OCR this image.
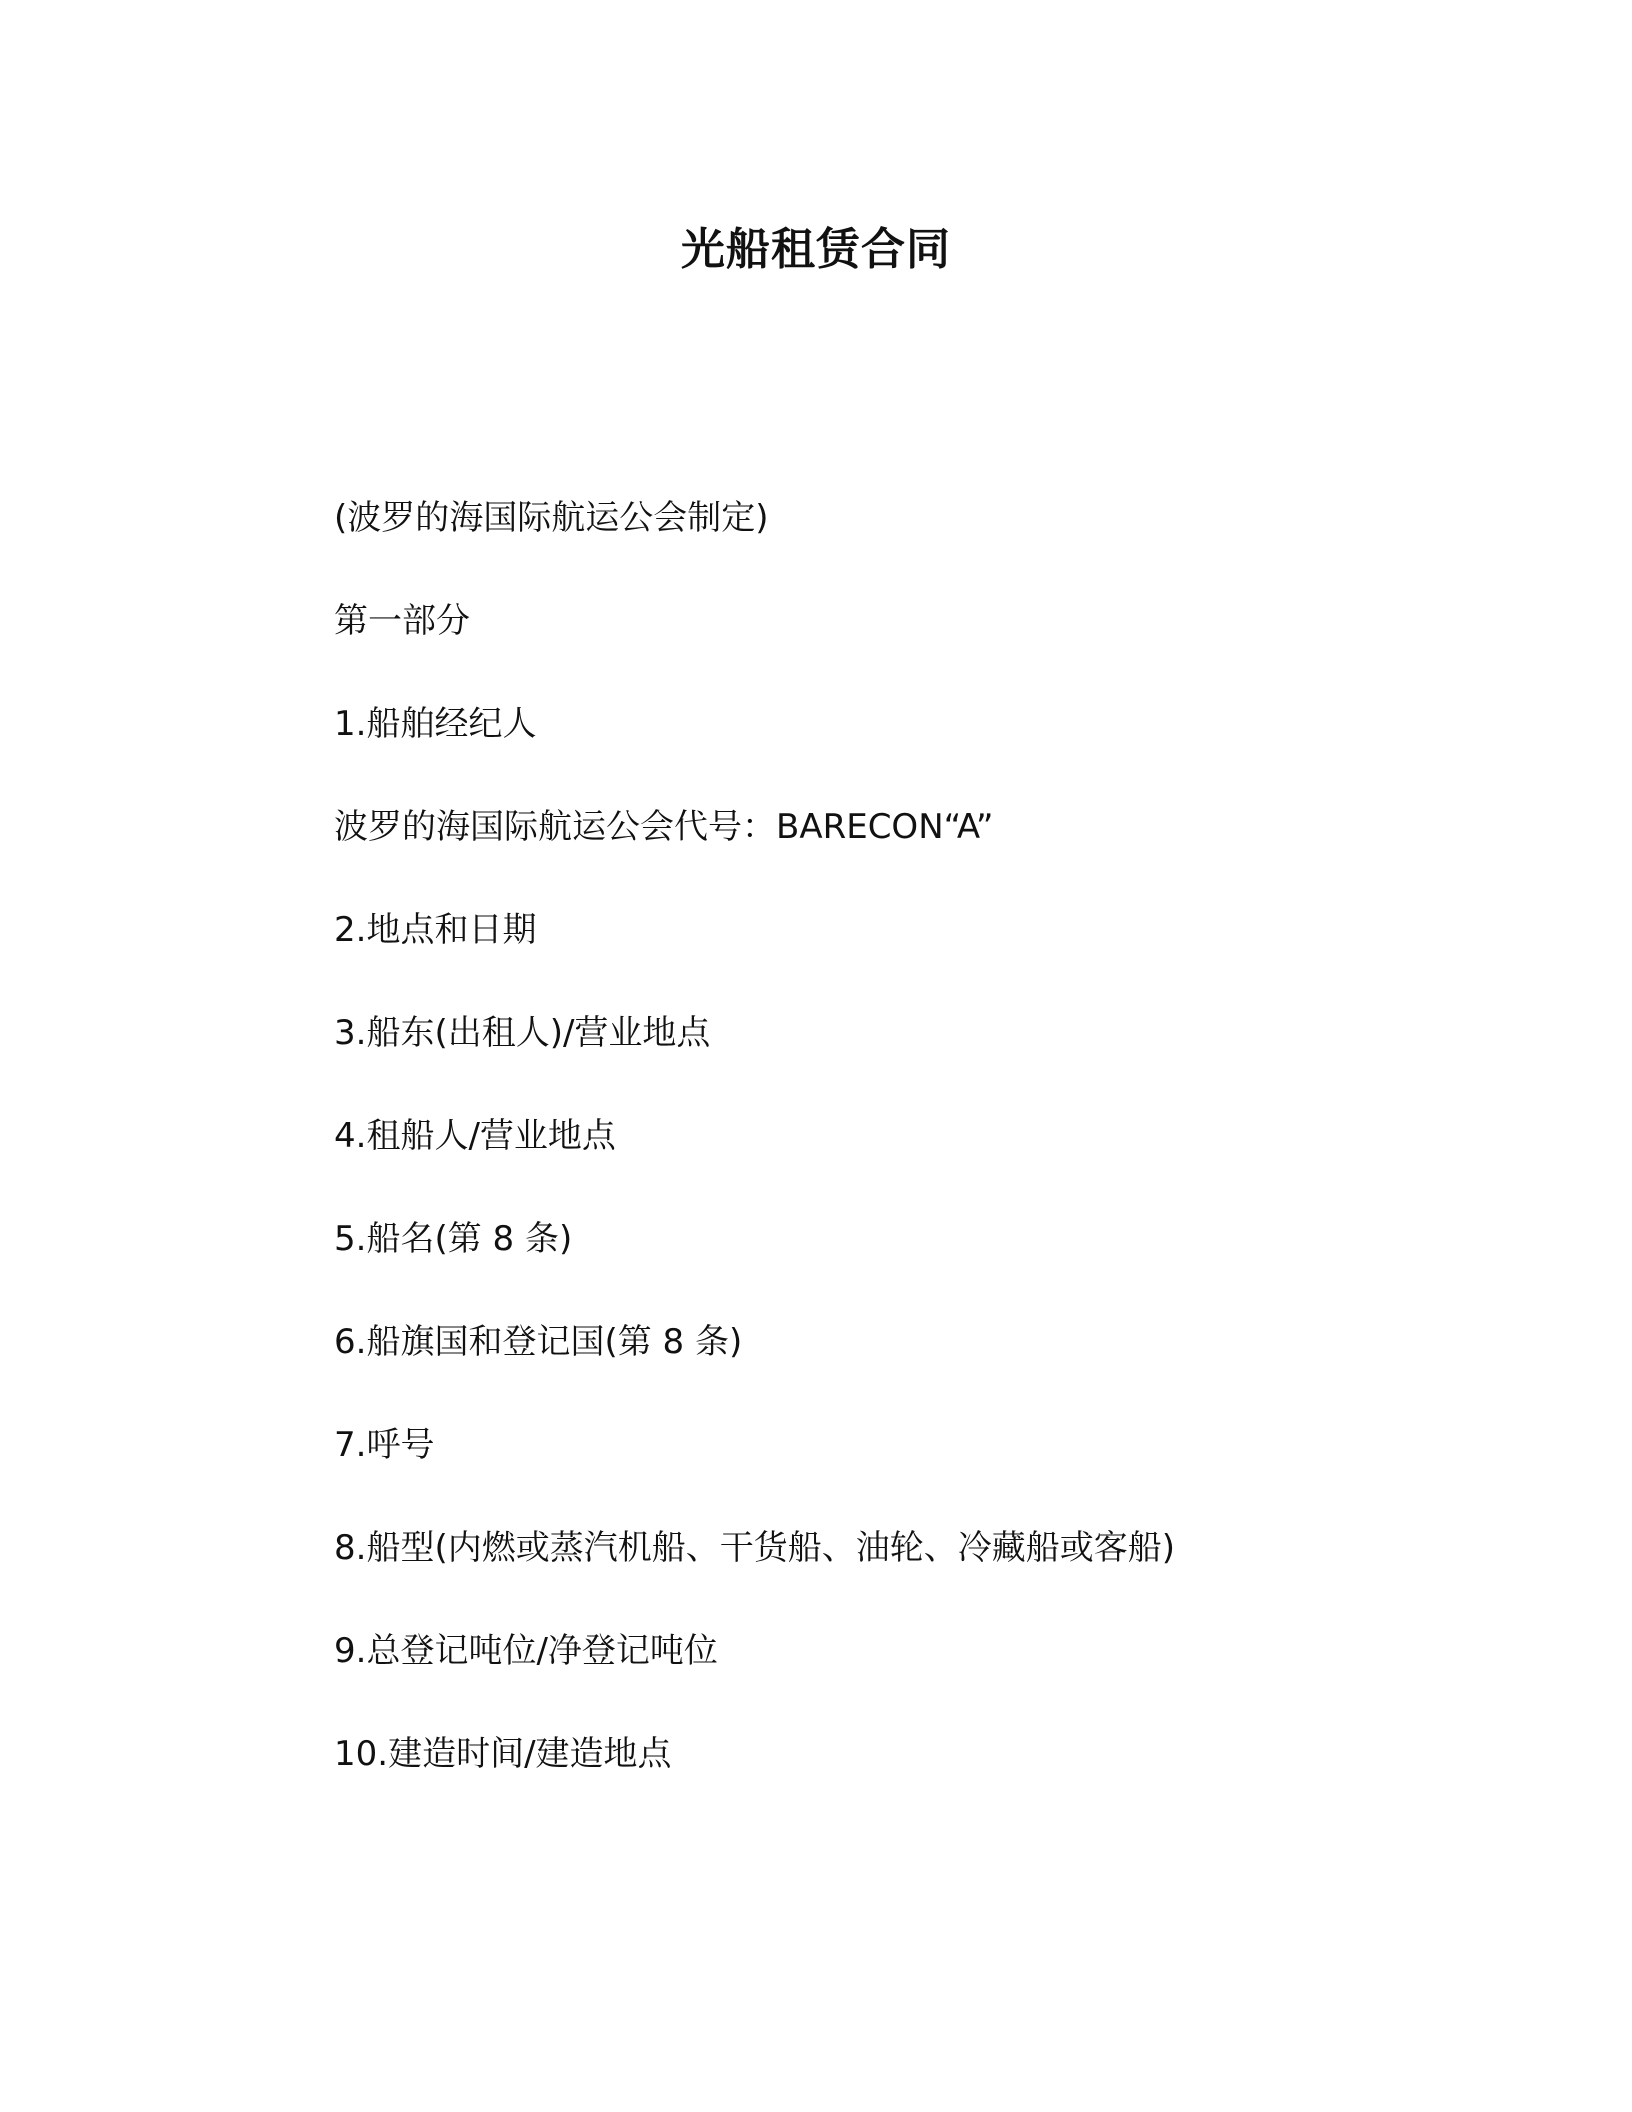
光船租赁合同
(波罗的海国际航运公会制定)
第一部分
1.船舶经纪人
波罗的海国际航运公会代号：BARECON“A”
2.地点和日期
3.船东(出租人)/营业地点
4.租船人/营业地点
5.船名(第 8 条)
6.船旗国和登记国(第 8 条)
7.呼号
8.船型(内燃或蒸汽机船、干货船、油轮、冷藏船或客船)
9.总登记吨位/净登记吨位
10.建造时间/建造地点
